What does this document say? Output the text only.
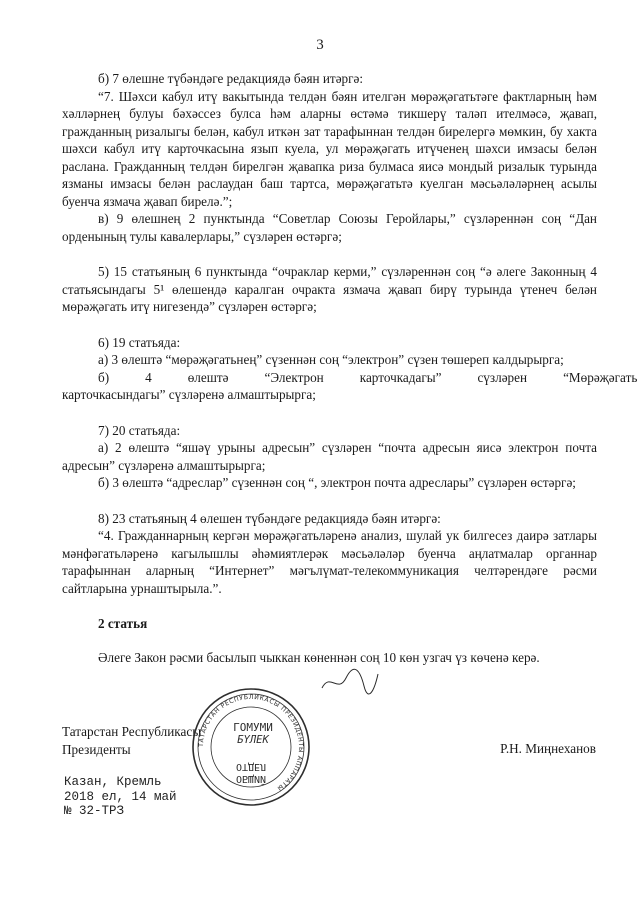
3

б) 7 өлешне түбәндәге редакциядә бәян итәргә:

“7. Шәхси кабул итү вакытында телдән бәян ителгән мөрәҗәгатьтәге фактларның һәм хәлләрнең булуы бәхәссез булса һәм аларны өстәмә тикшерү таләп ителмәсә, җавап, гражданның ризалыгы белән, кабул иткән зат тарафыннан телдән бирелергә мөмкин, бу хакта шәхси кабул итү карточкасына язып куела, ул мөрәҗәгать итүченең шәхси имзасы белән раслана. Гражданның телдән бирелгән җавапка риза булмаса яисә мондый ризалык турында язманы имзасы белән раслаудан баш тартса, мөрәҗәгатьтә куелган мәсьәләләрнең асылы буенча язмача җавап бирелә.”;

в) 9 өлешнең 2 пунктында “Советлар Союзы Геройлары,” сүзләреннән соң “Дан орденының тулы кавалерлары,” сүзләрен өстәргә;

5) 15 статьяның 6 пунктында “очраклар керми,” сүзләреннән соң “ә әлеге Законның 4 статьясындагы 5¹ өлешендә каралган очракта язмача җавап бирү турында үтенеч белән мөрәҗәгать итү нигезендә” сүзләрен өстәргә;

6) 19 статьяда:

а) 3 өлештә “мөрәҗәгатьнең” сүзеннән соң “электрон” сүзен төшереп калдырырга;

б)	4	өлештә	“Электрон	карточкадагы”	сүзләрен	“Мөрәҗәгать

карточкасындагы” сүзләренә алмаштырырга;

7) 20 статьяда:

а) 2 өлештә “яшәү урыны адресын” сүзләрен “почта адресын яисә электрон почта адресын” сүзләренә алмаштырырга;

б) 3 өлештә “адреслар” сүзеннән соң “, электрон почта адреслары” сүзләрен өстәргә;

8) 23 статьяның 4 өлешен түбәндәге редакциядә бәян итәргә:

“4. Гражданнарның кергән мөрәҗәгатьләренә анализ, шулай ук билгесез даирә затлары мәнфәгатьләренә кагылышлы әһәмиятлерәк мәсьәләләр буенча аңлатмалар органнар тарафыннан аларның “Интернет” мәгълүмат-телекоммуникация челтәрендәге рәсми сайтларына урнаштырыла.”.

2 статья

Әлеге Закон рәсми басылып чыккан көненнән соң 10 көн узгач үз көченә керә.

Татарстан Республикасы
Президенты	Р.Н. Миңнеханов
ТАТАРСТАН РЕСПУБЛИКАСЫ ПРЕЗИДЕНТЫ АППАРАТЫ
ГОМУМИ
БҮЛЕК
ОТДЕЛ
ОБЩИЙ
Казан, Кремль
2018 ел, 14 май
№ 32-ТРЗ
